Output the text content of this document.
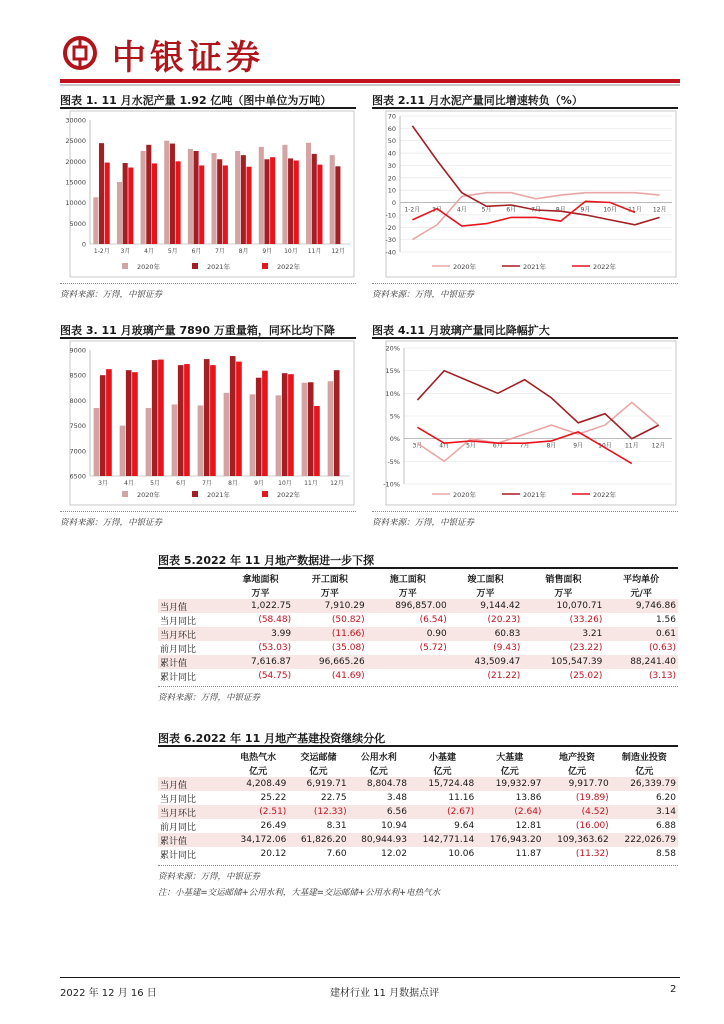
中银证券
图表 1. 11 月水泥产量 1.92 亿吨（图中单位为万吨）
0
5000
10000
15000
20000
25000
30000
1-2月 3月 4月 5月 6月 7月 8月 9月 10月 11月 12月
2020年	2021年	2022年
资料来源：万得，中银证券
图表 2.11 月水泥产量同比增速转负（%）
-40
-30
-20
-10
0
10
20
30
40
50
60
70
1-2月 3月 4月 5月 6月 7月 8月 9月 10月 11月 12月
2020年	2021年	2022年
资料来源：万得，中银证券
图表 3. 11 月玻璃产量 7890 万重量箱，同环比均下降
6500
7000
7500
8000
8500
9000
3月	4月	5月	6月	7月	8月	9月 10月 11月 12月
2020年	2021年	2022年
资料来源：万得，中银证券
图表 4.11 月玻璃产量同比降幅扩大
-10%
-5%
0%
5%
10%
15%
20%
3月	4月	5月	6月	7月	8月	9月	10月 11月 12月
2020年	2021年	2022年
资料来源：万得，中银证券
图表 5.2022 年 11 月地产数据进一步下探
	拿地面积	开工面积	施工面积	竣工面积	销售面积	平均单价
	万平	万平	万平	万平	万平	元/平
当月值	1,022.75	7,910.29	896,857.00	9,144.42	10,070.71	9,746.86
当月同比	(58.48)	(50.82)	(6.54)	(20.23)	(33.26)	1.56
当月环比	3.99	(11.66)	0.90	60.83	3.21	0.61
前月同比	(53.03)	(35.08)	(5.72)	(9.43)	(23.22)	(0.63)
累计值	7,616.87	96,665.26		43,509.47	105,547.39	88,241.40
累计同比	(54.75)	(41.69)		(21.22)	(25.02)	(3.13)
资料来源：万得，中银证券
图表 6.2022 年 11 月地产基建投资继续分化
	电热气水	交运邮储	公用水利	小基建	大基建	地产投资	制造业投资
	亿元	亿元	亿元	亿元	亿元	亿元	亿元
当月值	4,208.49	6,919.71	8,804.78	15,724.48	19,932.97	9,917.70	26,339.79
当月同比	25.22	22.75	3.48	11.16	13.86	(19.89)	6.20
当月环比	(2.51)	(12.33)	6.56	(2.67)	(2.64)	(4.52)	3.14
前月同比	26.49	8.31	10.94	9.64	12.81	(16.00)	6.88
累计值	34,172.06	61,826.20	80,944.93	142,771.14	176,943.20	109,363.62	222,026.79
累计同比	20.12	7.60	12.02	10.06	11.87	(11.32)	8.58
资料来源：万得，中银证券
注：小基建=交运邮储+公用水利，大基建=交运邮储+公用水利+电热气水
2022 年 12 月 16 日	建材行业 11 月数据点评	2
